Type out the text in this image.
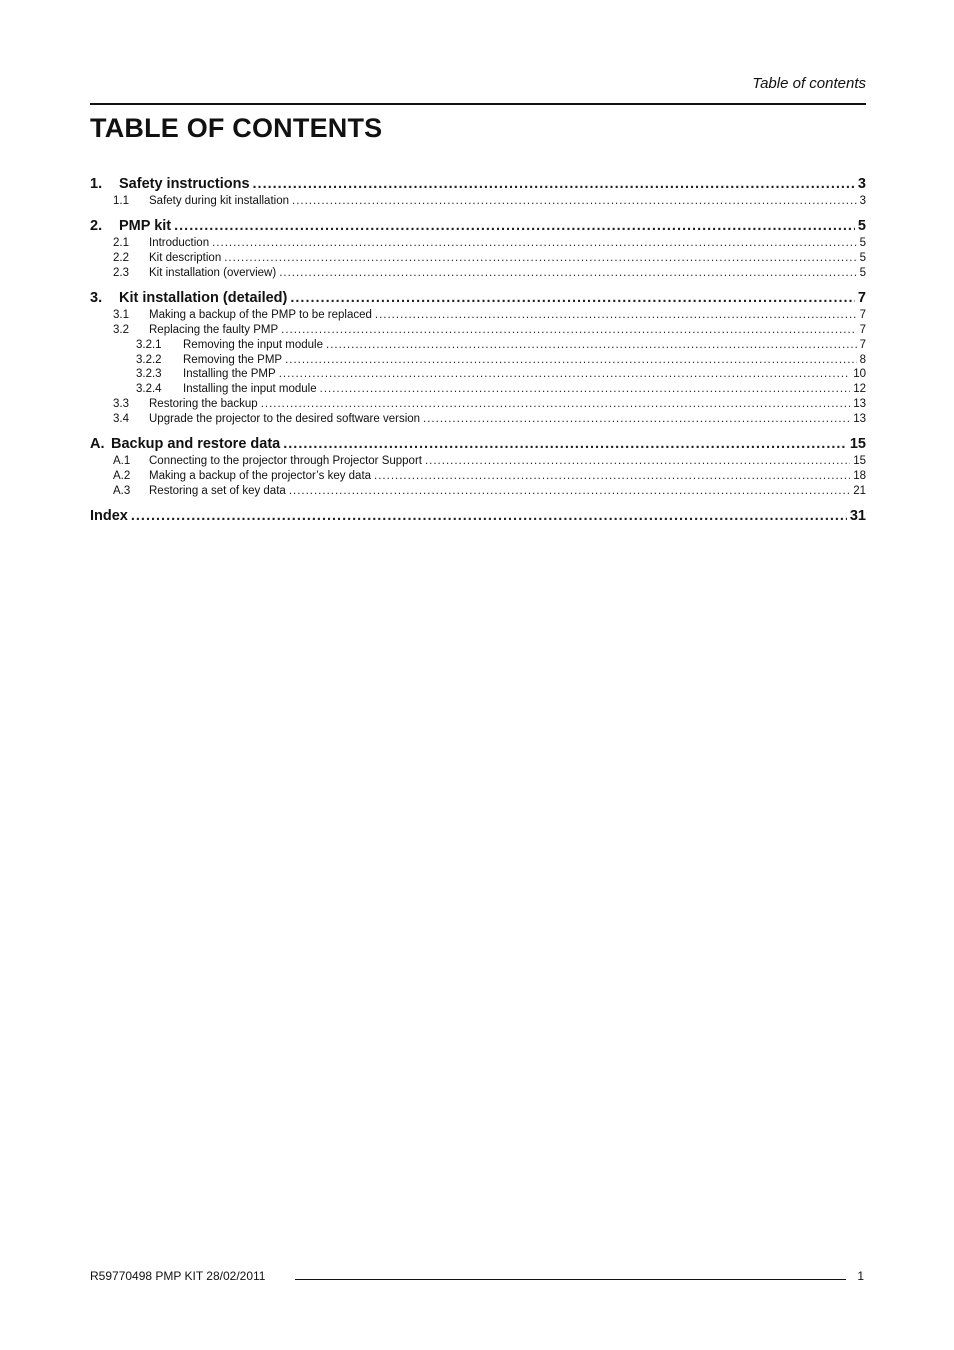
Table of contents
TABLE OF CONTENTS
1.	Safety instructions .....	3
1.1	Safety during kit installation .....	3
2.	PMP kit .....	5
2.1	Introduction .....	5
2.2	Kit description .....	5
2.3	Kit installation (overview) .....	5
3.	Kit installation (detailed) .....	7
3.1	Making a backup of the PMP to be replaced .....	7
3.2	Replacing the faulty PMP .....	7
3.2.1	Removing the input module .....	7
3.2.2	Removing the PMP .....	8
3.2.3	Installing the PMP .....	10
3.2.4	Installing the input module .....	12
3.3	Restoring the backup .....	13
3.4	Upgrade the projector to the desired software version .....	13
A. Backup and restore data .....	15
A.1	Connecting to the projector through Projector Support .....	15
A.2	Making a backup of the projector’s key data .....	18
A.3	Restoring a set of key data .....	21
Index .....	31
R59770498 PMP KIT 28/02/2011	1
